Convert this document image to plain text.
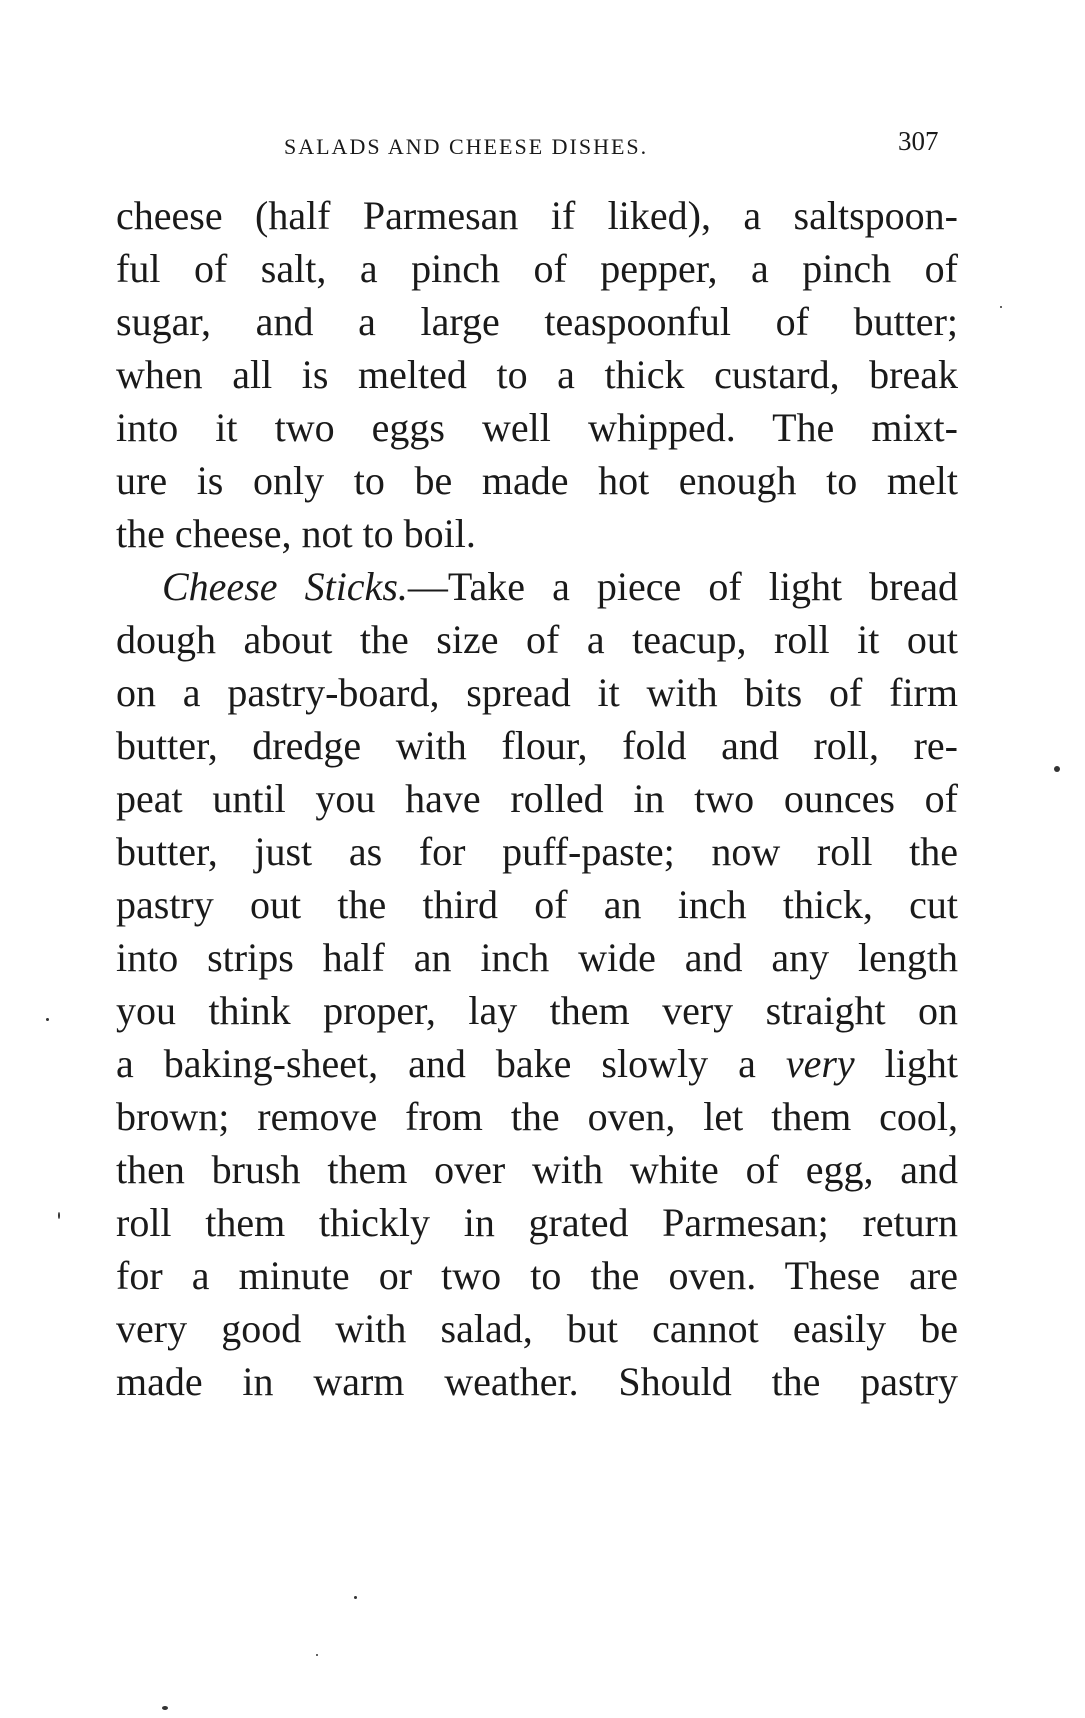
SALADS AND CHEESE DISHES.	307
cheese (half Parmesan if liked), a saltspoon-
ful of salt, a pinch of pepper, a pinch of
sugar, and a large teaspoonful of butter;
when all is melted to a thick custard, break
into it two eggs well whipped. The mixt-
ure is only to be made hot enough to melt
the cheese, not to boil.
Cheese Sticks.—Take a piece of light bread
dough about the size of a teacup, roll it out
on a pastry-board, spread it with bits of firm
butter, dredge with flour, fold and roll, re-
peat until you have rolled in two ounces of
butter, just as for puff-paste; now roll the
pastry out the third of an inch thick, cut
into strips half an inch wide and any length
you think proper, lay them very straight on
a baking-sheet, and bake slowly a very light
brown; remove from the oven, let them cool,
then brush them over with white of egg, and
roll them thickly in grated Parmesan; return
for a minute or two to the oven. These are
very good with salad, but cannot easily be
made in warm weather. Should the pastry
